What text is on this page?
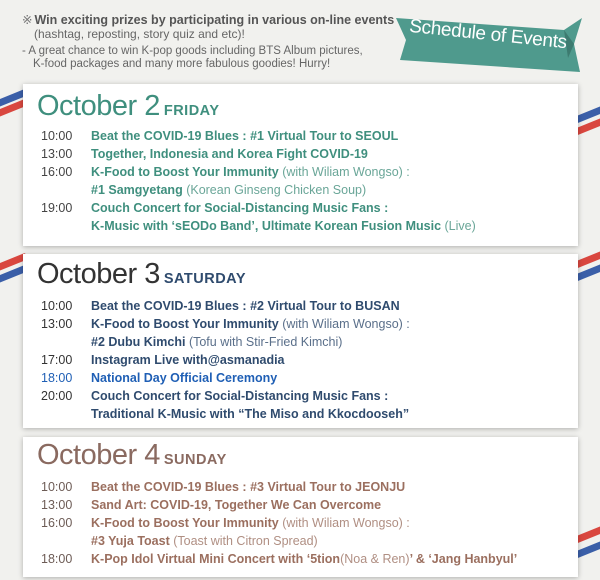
※ Win exciting prizes by participating in various on-line events
(hashtag, reposting, story quiz and etc)!
- A great chance to win K-pop goods including BTS Album pictures,
K-food packages and many more fabulous goodies! Hurry!
Schedule of Events
October 2 FRIDAY
10:00	Beat the COVID-19 Blues : #1 Virtual Tour to SEOUL
13:00	Together, Indonesia and Korea Fight COVID-19
16:00	K-Food to Boost Your Immunity (with Wiliam Wongso) :
#1 Samgyetang (Korean Ginseng Chicken Soup)
19:00	Couch Concert for Social-Distancing Music Fans :
K-Music with ‘sEODo Band’, Ultimate Korean Fusion Music (Live)
October 3 SATURDAY
10:00	Beat the COVID-19 Blues : #2 Virtual Tour to BUSAN
13:00	K-Food to Boost Your Immunity (with Wiliam Wongso) :
#2 Dubu Kimchi (Tofu with Stir-Fried Kimchi)
17:00	Instagram Live with@asmanadia
18:00	National Day Official Ceremony
20:00	Couch Concert for Social-Distancing Music Fans :
Traditional K-Music with “The Miso and Kkocdooseh”
October 4 SUNDAY
10:00	Beat the COVID-19 Blues : #3 Virtual Tour to JEONJU
13:00	Sand Art: COVID-19, Together We Can Overcome
16:00	K-Food to Boost Your Immunity (with Wiliam Wongso) :
#3 Yuja Toast (Toast with Citron Spread)
18:00	K-Pop Idol Virtual Mini Concert with ‘5tion(Noa & Ren)’ & ‘Jang Hanbyul’
